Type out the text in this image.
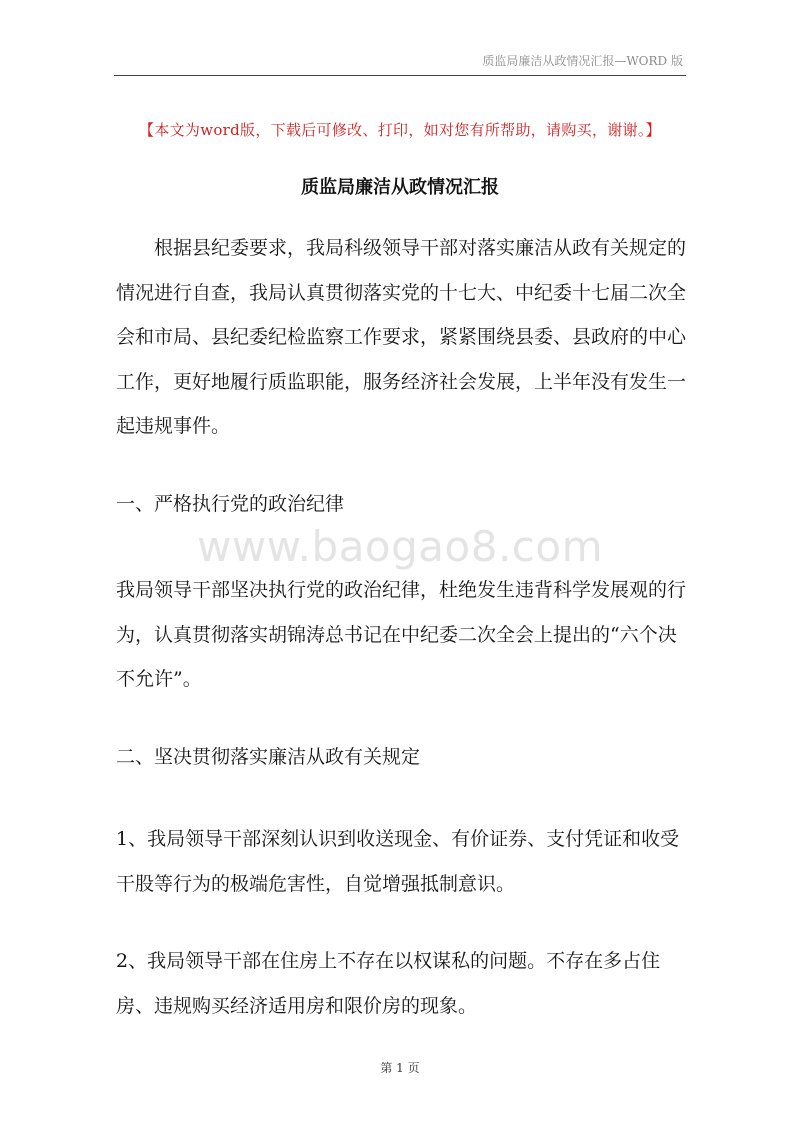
质监局廉洁从政情况汇报—WORD 版
【本文为word版，下载后可修改、打印，如对您有所帮助，请购买，谢谢。】
质监局廉洁从政情况汇报
根据县纪委要求，我局科级领导干部对落实廉洁从政有关规定的情况进行自查，我局认真贯彻落实党的十七大、中纪委十七届二次全会和市局、县纪委纪检监察工作要求，紧紧围绕县委、县政府的中心工作，更好地履行质监职能，服务经济社会发展，上半年没有发生一起违规事件。
一、严格执行党的政治纪律
www.baogao8.com
我局领导干部坚决执行党的政治纪律，杜绝发生违背科学发展观的行为，认真贯彻落实胡锦涛总书记在中纪委二次全会上提出的“六个决不允许”。
二、坚决贯彻落实廉洁从政有关规定
1、我局领导干部深刻认识到收送现金、有价证券、支付凭证和收受干股等行为的极端危害性，自觉增强抵制意识。
2、我局领导干部在住房上不存在以权谋私的问题。不存在多占住房、违规购买经济适用房和限价房的现象。
第 1 页
